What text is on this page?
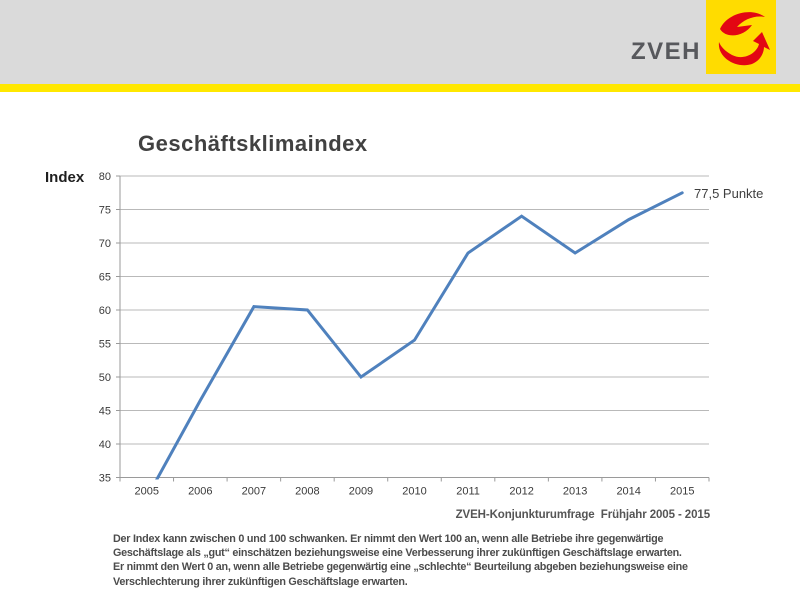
ZVEH
35
40
45
50
55
60
65
70
75
80
2005	2006	2007	2008	2009	2010	2011	2012	2013	2014	2015
Geschäftsklimaindex
Index
77,5 Punkte
ZVEH-Konjunkturumfrage  Frühjahr 2005 - 2015
Der Index kann zwischen 0 und 100 schwanken. Er nimmt den Wert 100 an, wenn alle Betriebe ihre gegenwärtige
Geschäftslage als „gut“ einschätzen beziehungsweise eine Verbesserung ihrer zukünftigen Geschäftslage erwarten.
Er nimmt den Wert 0 an, wenn alle Betriebe gegenwärtig eine „schlechte“ Beurteilung abgeben beziehungsweise eine
Verschlechterung ihrer zukünftigen Geschäftslage erwarten.
